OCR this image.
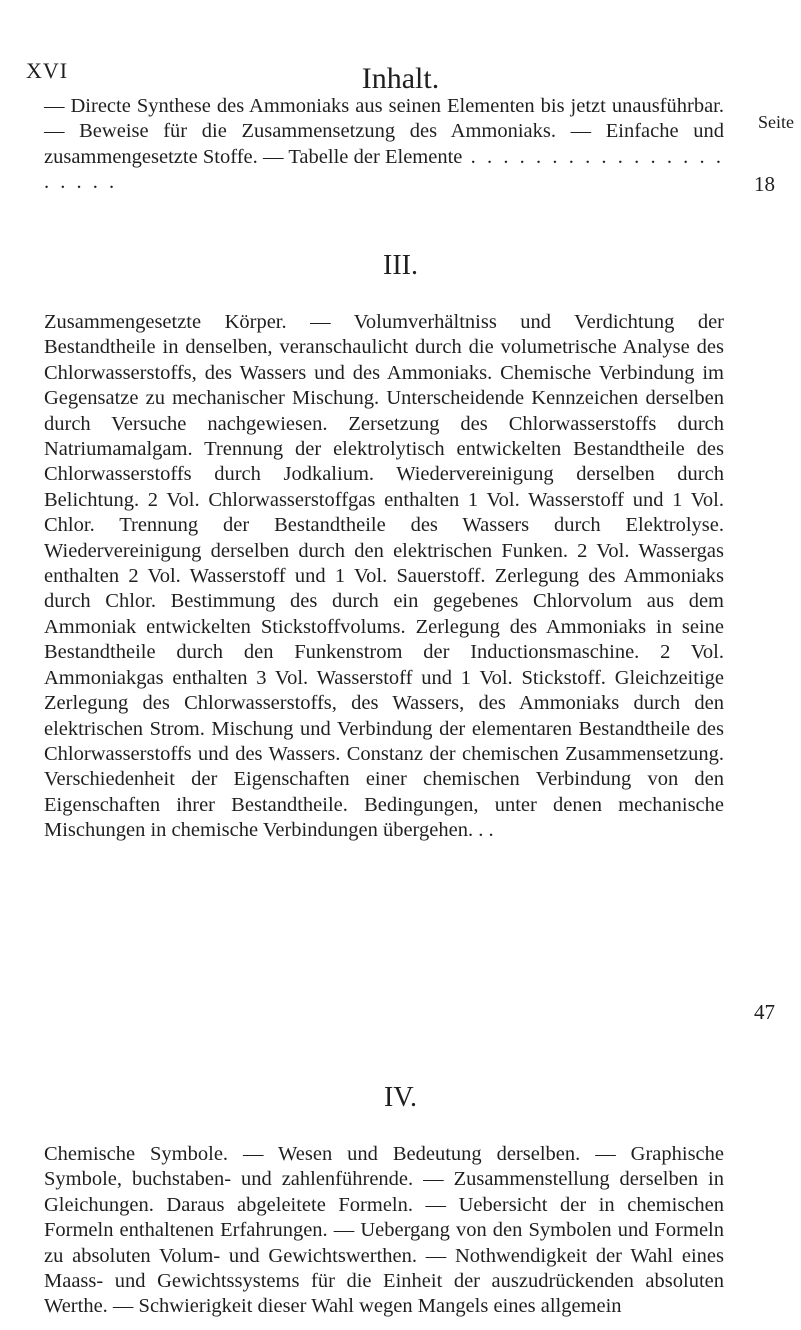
XVI	Inhalt.
Seite

— Directe Synthese des Ammoniaks aus seinen Elementen bis jetzt unausführbar. — Beweise für die Zusammensetzung des Ammoniaks. — Einfache und zusammengesetzte Stoffe. — Tabelle der Elemente . . . . . . . . . . . . . . . . . . . . .	18
III.

Zusammengesetzte Körper. — Volumverhältniss und Verdichtung der Bestandtheile in denselben, veranschaulicht durch die volumetrische Analyse des Chlorwasserstoffs, des Wassers und des Ammoniaks. Chemische Verbindung im Gegensatze zu mechanischer Mischung. Unterscheidende Kennzeichen derselben durch Versuche nachgewiesen. Zersetzung des Chlorwasserstoffs durch Natriumamalgam. Trennung der elektrolytisch entwickelten Bestandtheile des Chlorwasserstoffs durch Jodkalium. Wiedervereinigung derselben durch Belichtung. 2 Vol. Chlorwasserstoffgas enthalten 1 Vol. Wasserstoff und 1 Vol. Chlor. Trennung der Bestandtheile des Wassers durch Elektrolyse. Wiedervereinigung derselben durch den elektrischen Funken. 2 Vol. Wassergas enthalten 2 Vol. Wasserstoff und 1 Vol. Sauerstoff. Zerlegung des Ammoniaks durch Chlor. Bestimmung des durch ein gegebenes Chlorvolum aus dem Ammoniak entwickelten Stickstoffvolums. Zerlegung des Ammoniaks in seine Bestandtheile durch den Funkenstrom der Inductionsmaschine. 2 Vol. Ammoniakgas enthalten 3 Vol. Wasserstoff und 1 Vol. Stickstoff. Gleichzeitige Zerlegung des Chlorwasserstoffs, des Wassers, des Ammoniaks durch den elektrischen Strom. Mischung und Verbindung der elementaren Bestandtheile des Chlorwasserstoffs und des Wassers. Constanz der chemischen Zusammensetzung. Verschiedenheit der Eigenschaften einer chemischen Verbindung von den Eigenschaften ihrer Bestandtheile. Bedingungen, unter denen mechanische Mischungen in chemische Verbindungen übergehen. . .

47
IV.

Chemische Symbole. — Wesen und Bedeutung derselben. — Graphische Symbole, buchstaben- und zahlenführende. — Zusammenstellung derselben in Gleichungen. Daraus abgeleitete Formeln. — Uebersicht der in chemischen Formeln enthaltenen Erfahrungen. — Uebergang von den Symbolen und Formeln zu absoluten Volum- und Gewichtswerthen. — Nothwendigkeit der Wahl eines Maass- und Gewichtssystems für die Einheit der auszudrückenden absoluten Werthe. — Schwierigkeit dieser Wahl wegen Mangels eines allgemein
